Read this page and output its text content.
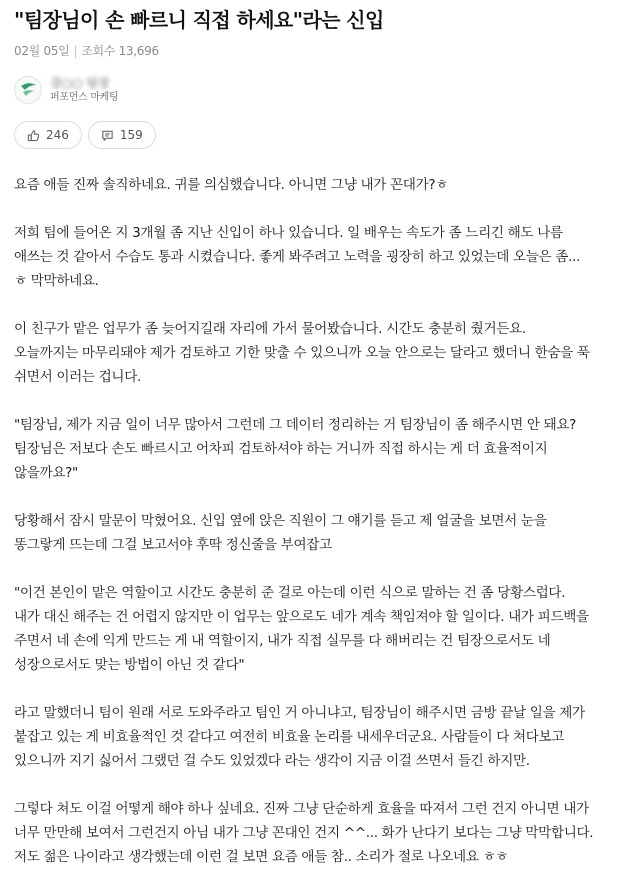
"팀장님이 손 빠르니 직접 하세요"라는 신입
02월 05일 | 조회수 13,696
강○○ 팀장
퍼포먼스 마케팅
246	159

요즘 애들 진짜 솔직하네요. 귀를 의심했습니다. 아니면 그냥 내가 꼰대가?ㅎ

저희 팀에 들어온 지 3개월 좀 지난 신입이 하나 있습니다. 일 배우는 속도가 좀 느리긴 해도 나름
애쓰는 것 같아서 수습도 통과 시켰습니다. 좋게 봐주려고 노력을 굉장히 하고 있었는데 오늘은 좀...
ㅎ 막막하네요.

이 친구가 맡은 업무가 좀 늦어지길래 자리에 가서 물어봤습니다. 시간도 충분히 줬거든요.
오늘까지는 마무리돼야 제가 검토하고 기한 맞출 수 있으니까 오늘 안으로는 달라고 했더니 한숨을 푹
쉬면서 이러는 겁니다.

"팀장님, 제가 지금 일이 너무 많아서 그런데 그 데이터 정리하는 거 팀장님이 좀 해주시면 안 돼요?
팀장님은 저보다 손도 빠르시고 어차피 검토하셔야 하는 거니까 직접 하시는 게 더 효율적이지
않을까요?"

당황해서 잠시 말문이 막혔어요. 신입 옆에 앉은 직원이 그 얘기를 듣고 제 얼굴을 보면서 눈을
똥그랗게 뜨는데 그걸 보고서야 후딱 정신줄을 부여잡고

"이건 본인이 맡은 역할이고 시간도 충분히 준 걸로 아는데 이런 식으로 말하는 건 좀 당황스럽다.
내가 대신 해주는 건 어렵지 않지만 이 업무는 앞으로도 네가 계속 책임져야 할 일이다. 내가 피드백을
주면서 네 손에 익게 만드는 게 내 역할이지, 내가 직접 실무를 다 해버리는 건 팀장으로서도 네
성장으로서도 맞는 방법이 아닌 것 같다"

라고 말했더니 팀이 원래 서로 도와주라고 팀인 거 아니냐고, 팀장님이 해주시면 금방 끝날 일을 제가
붙잡고 있는 게 비효율적인 것 같다고 여전히 비효율 논리를 내세우더군요. 사람들이 다 쳐다보고
있으니까 지기 싫어서 그랬던 걸 수도 있었겠다 라는 생각이 지금 이걸 쓰면서 들긴 하지만.

그렇다 쳐도 이걸 어떻게 해야 하나 싶네요. 진짜 그냥 단순하게 효율을 따져서 그런 건지 아니면 내가
너무 만만해 보여서 그런건지 아님 내가 그냥 꼰대인 건지 ^^... 화가 난다기 보다는 그냥 막막합니다.
저도 젊은 나이라고 생각했는데 이런 걸 보면 요즘 애들 참.. 소리가 절로 나오네요 ㅎㅎ
